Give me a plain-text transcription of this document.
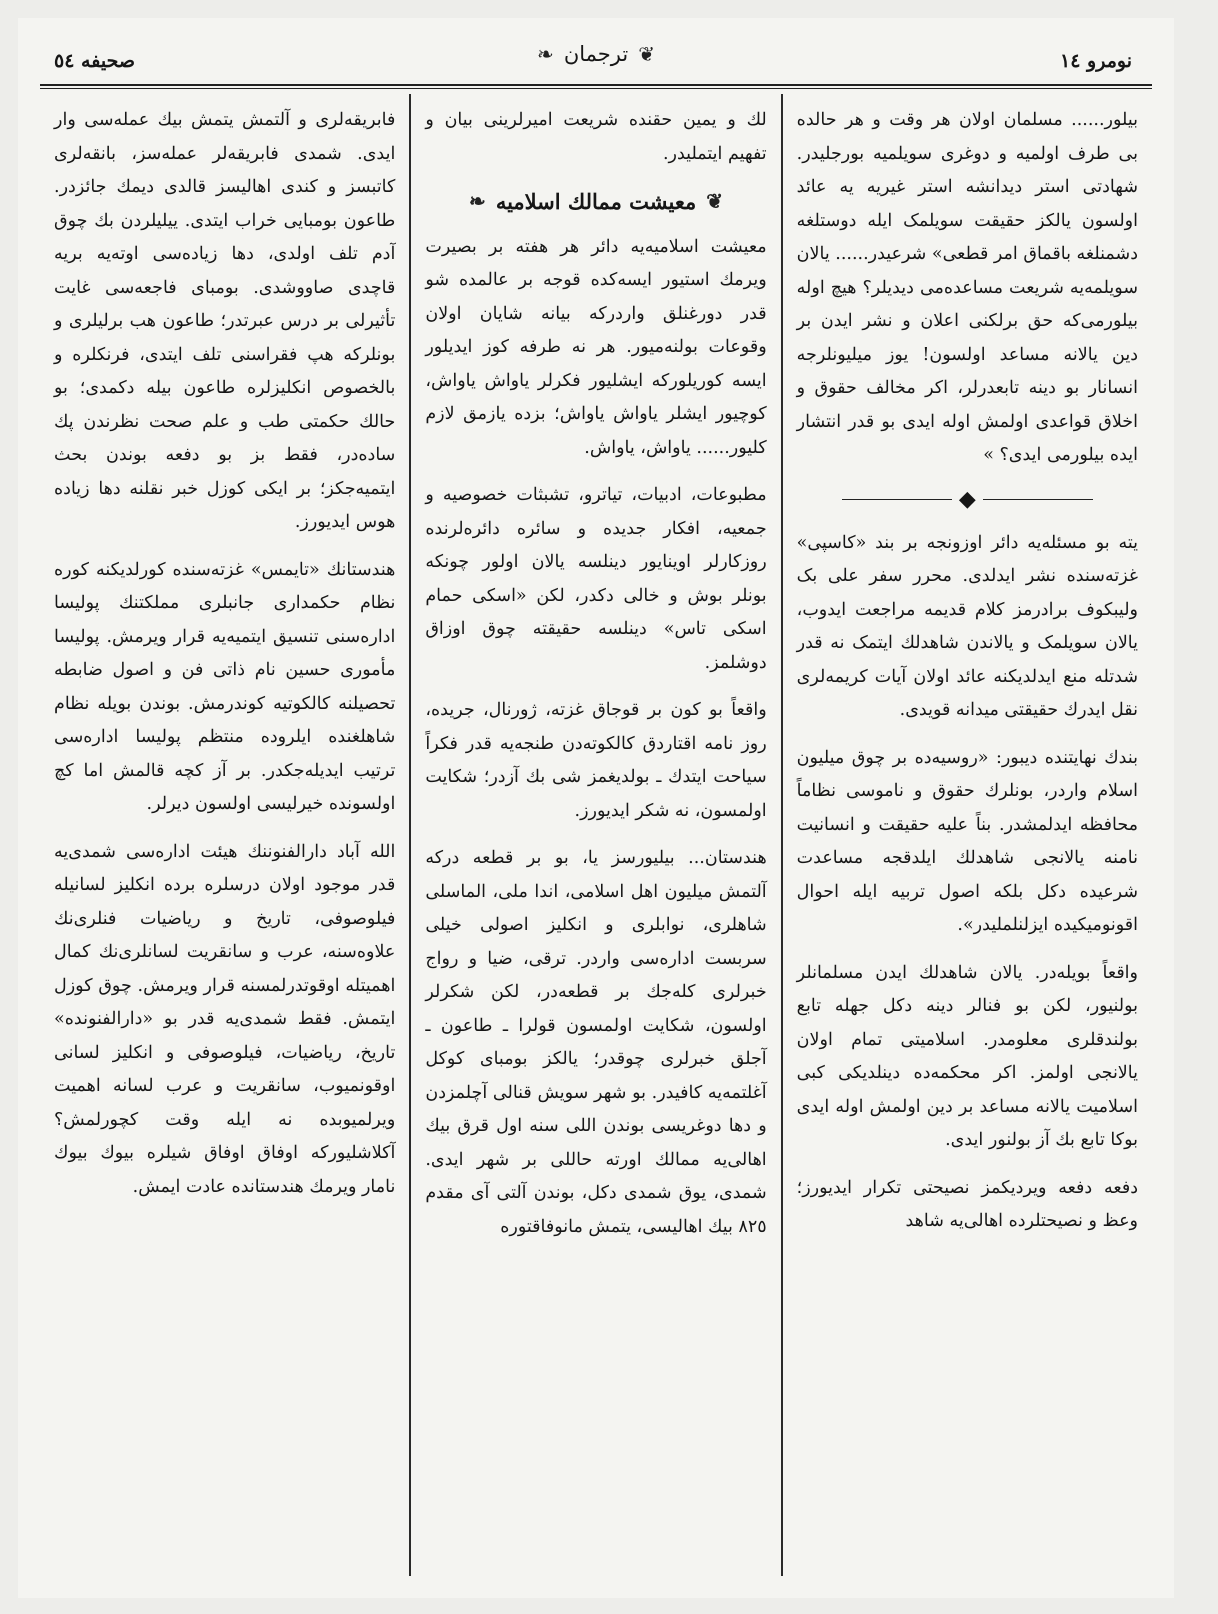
صحیفه ٥٤	❦
ترجمان
❧	نومرو ١٤

بیلور...... مسلمان اولان هر وقت و هر حالده بی طرف اولمیه و دوغری سویلمیه بورجلیدر. شهادتی استر دیدانشه استر غیریه یه عائد اولسون یالکز حقیقت سویلمک ایله دوستلغه دشمنلغه باقماق امر قطعی» شرعیدر...... یالان سویلمه‌یه شریعت مساعده‌می دیدیلر؟ هیچ اوله بیلورمی‌که حق برلکنی اعلان و نشر ایدن بر دین یالانه مساعد اولسون! یوز میلیونلرجه انسانار بو دینه تابعدرلر، اکر مخالف حقوق و اخلاق قواعدی اولمش اوله ایدی بو قدر انتشار ایده بیلورمی ایدی؟ »

◆

یته بو مسئله‌یه دائر اوزونجه بر بند «کاسپی» غزته‌سنده نشر ایدلدی. محرر سفر علی بک ولیبکوف برادرمز کلام قدیمه مراجعت ایدوب، یالان سویلمک و یالاندن شاهدلك ایتمک نه قدر شدتله منع ایدلدیکنه عائد اولان آیات کریمه‌لری نقل ایدرك حقیقتی میدانه قویدی.

بندك نهایتنده دیبور: «روسیه‌ده بر چوق میلیون اسلام واردر، بونلرك حقوق و ناموسی نظاماً محافظه ایدلمشدر. بناً علیه حقیقت و انسانیت نامنه یالانجی شاهدلك ایلدقجه مساعدت شرعیده دکل بلکه اصول تربیه ایله احوال اقونومیکیده ایزلنلملیدر».

واقعاً بویله‌در. یالان شاهدلك ایدن مسلمانلر بولنیور، لکن بو فنالر دینه دکل جهله تابع بولندقلری معلومدر. اسلامیتی تمام اولان یالانجی اولمز. اکر محکمه‌ده دینلدیکی کبی اسلامیت یالانه مساعد بر دین اولمش اوله ایدی بوکا تابع بك آز بولنور ایدی.

دفعه دفعه ویردیکمز نصیحتی تکرار ایدیورز؛ وعظ و نصیحتلرده اهالی‌یه شاهد

لك و یمین حقنده شریعت امیرلرینی بیان و تفهیم ایتملیدر.

❦
معیشت ممالك اسلامیه
❧

معیشت اسلامیه‌یه دائر هر هفته بر بصیرت ویرمك استیور ایسه‌کده قوجه بر عالمده شو قدر دورغنلق واردرکه بیانه شایان اولان وقوعات بولنه‌میور. هر نه طرفه کوز ایدیلور ایسه کوریلورکه ایشلیور فکرلر یاواش یاواش، کوچیور ایشلر یاواش یاواش؛ بزده یازمق لازم کلیور...... یاواش، یاواش.

مطبوعات، ادبیات، تیاترو، تشبثات خصوصیه و جمعیه، افکار جدیده و سائره دائره‌لرنده روزکارلر اوینایور دینلسه یالان اولور چونکه بونلر بوش و خالی دکدر، لکن «اسکی حمام اسکی تاس» دینلسه حقیقته چوق اوزاق دوشلمز.

واقعاً بو کون بر قوجاق غزته، ژورنال، جریده، روز نامه اقتاردق کالکوته‌دن طنجه‌یه قدر فکراً سیاحت ایتدك ـ بولدیغمز شی بك آزدر؛ شکایت اولمسون، نه شکر ایدیورز.

هندستان... بیلیورسز یا، بو بر قطعه درکه آلتمش میلیون اهل اسلامی، اندا ملی، الماسلی شاهلری، نوابلری و انکلیز اصولی خیلی سربست اداره‌سی واردر. ترقی، ضیا و رواج خبرلری کله‌جك بر قطعه‌در، لکن شکرلر اولسون، شکایت اولمسون قولرا ـ طاعون ـ آجلق خبرلری چوقدر؛ یالکز بومبای کوکل آغلتمه‌یه کافیدر. بو شهر سویش قنالی آچلمزدن و دها دوغریسی بوندن اللی سنه اول قرق بیك اهالی‌یه ممالك اورته حاللی بر شهر ایدی. شمدی، یوق شمدی دکل، بوندن آلتی آی مقدم ٨٢٥ بیك اهالیسی، یتمش مانوفاقتوره

فابریقه‌لری و آلتمش یتمش بیك عمله‌سی وار ایدی. شمدی فابریقه‌لر عمله‌سز، بانقه‌لری کاتبسز و کندی اهالیسز قالدی دیمك جائزدر. طاعون بومبایی خراب ایتدی. ییلیلردن بك چوق آدم تلف اولدی، دها زیاده‌سی اوته‌یه بریه قاچدی صاووشدی. بومبای فاجعه‌سی غایت تأثیرلی بر درس عبرتدر؛ طاعون هب برلیلری و بونلرکه هپ فقراسنی تلف ایتدی، فرنکلره و بالخصوص انکلیزلره طاعون بیله دکمدی؛ بو حالك حکمتی طب و علم صحت نظرندن پك ساده‌در، فقط بز بو دفعه بوندن بحث ایتمیه‌جکز؛ بر ایکی کوزل خبر نقلنه دها زیاده هوس ایدیورز.

هندستانك «تایمس» غزته‌سنده کورلدیکنه کوره نظام حکمداری جانبلری مملکتنك پولیسا اداره‌سنی تنسیق ایتمیه‌یه قرار ویرمش. پولیسا مأموری حسین نام ذاتی فن و اصول ضابطه تحصیلنه کالکوتیه کوندرمش. بوندن بویله نظام شاهلغنده ایلروده منتظم پولیسا اداره‌سی ترتیب ایدیله‌جکدر. بر آز کچه قالمش اما کچ اولسونده خیرلیسی اولسون دیرلر.

الله آباد دارالفنوننك هیئت اداره‌سی شمدی‌یه قدر موجود اولان درسلره برده انکلیز لسانیله فیلوصوفی، تاریخ و ریاضیات فنلری‌نك علاوه‌سنه، عرب و سانقریت لسانلری‌نك کمال اهمیتله اوقوتدرلمسنه قرار ویرمش. چوق کوزل ایتمش. فقط شمدی‌یه قدر بو «دارالفنونده» تاریخ، ریاضیات، فیلوصوفی و انکلیز لسانی اوقونمیوب، سانقریت و عرب لسانه اهمیت ویرلمیوبده نه ایله وقت کچورلمش؟ آکلاشلیورکه اوفاق اوفاق شیلره بیوك بیوك نامار ویرمك هندستانده عادت ایمش.
